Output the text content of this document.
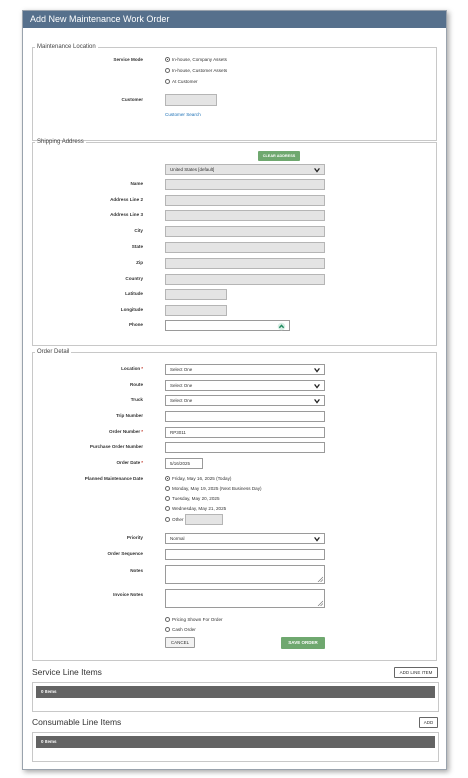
Add New Maintenance Work Order
Maintenance Location
Service Mode	In-house, Company Assets
In-house, Customer Assets
At Customer
Customer
Customer Search
Shipping Address
CLEAR ADDRESS
United States [default]
Name
Address Line 2
Address Line 3
City
State
Zip
Country
Latitude
Longitude
Phone
Order Detail
Location*	Select One
Route	Select One
Truck	Select One
Trip Number
Order Number*	RP3011
Purchase Order Number
Order Date*	5/16/2025
Planned Maintenance Date	Friday, May 16, 2025 (Today)
Monday, May 19, 2025 (Next Business Day)
Tuesday, May 20, 2025
Wednesday, May 21, 2025
Other
Priority	Normal
Order Sequence
Notes
Invoice Notes
Pricing Shown For Order
Cash Order
CANCEL	SAVE ORDER
Service Line Items	ADD LINE ITEM
0 Items
Consumable Line Items	ADD
0 Items
